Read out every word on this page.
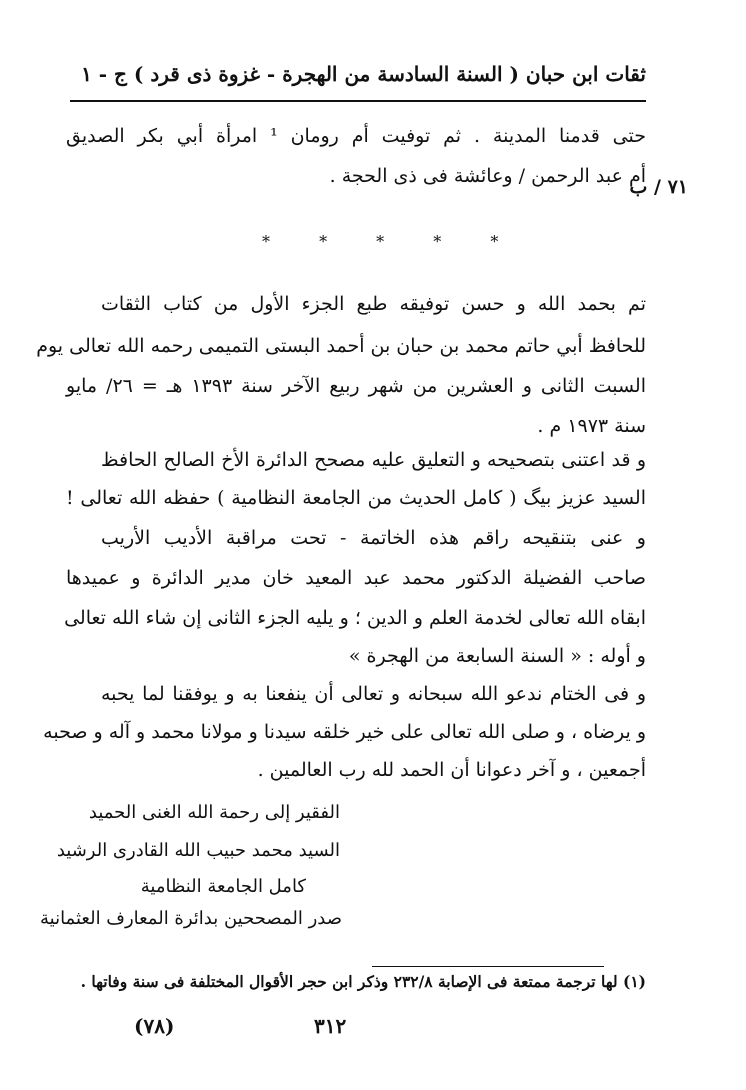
ثقات ابن حبان ( السنة السادسة من الهجرة - غزوة ذى قرد ) ج - ١
٧١ / ب
حتى قدمنا المدينة . ثم توفيت أم رومان ¹ امرأة أبي بكر الصديق
أم عبد الرحمن / وعائشة فى ذى الحجة .
* * * * *
تم بحمد الله و حسن توفيقه طبع الجزء الأول من كتاب الثقات
للحافظ أبي حاتم محمد بن حبان بن أحمد البستى التميمى رحمه الله تعالى يوم
السبت الثانى و العشرين من شهر ربيع الآخر سنة ١٣٩٣ هـ = ٢٦/ مايو
سنة ١٩٧٣ م .
و قد اعتنى بتصحيحه و التعليق عليه مصحح الدائرة الأخ الصالح الحافظ
السيد عزيز بيگ ( كامل الحديث من الجامعة النظامية ) حفظه الله تعالى !
و عنى بتنقيحه راقم هذه الخاتمة - تحت مراقبة الأديب الأريب
صاحب الفضيلة الدكتور محمد عبد المعيد خان مدير الدائرة و عميدها
ابقاه الله تعالى لخدمة العلم و الدين ؛ و يليه الجزء الثانى إن شاء الله تعالى
و أوله : « السنة السابعة من الهجرة »
و فى الختام ندعو الله سبحانه و تعالى أن ينفعنا به و يوفقنا لما يحبه
و يرضاه ، و صلى الله تعالى على خير خلقه سيدنا و مولانا محمد و آله و صحبه
أجمعين ، و آخر دعوانا أن الحمد لله رب العالمين .
الفقير إلى رحمة الله الغنى الحميد
السيد محمد حبيب الله القادرى الرشيد
كامل الجامعة النظامية
صدر المصححين بدائرة المعارف العثمانية
(١) لها ترجمة ممتعة فى الإصابة ٢٣٢/٨ وذكر ابن حجر الأقوال المختلفة فى سنة وفاتها .
٣١٢
(٧٨)
